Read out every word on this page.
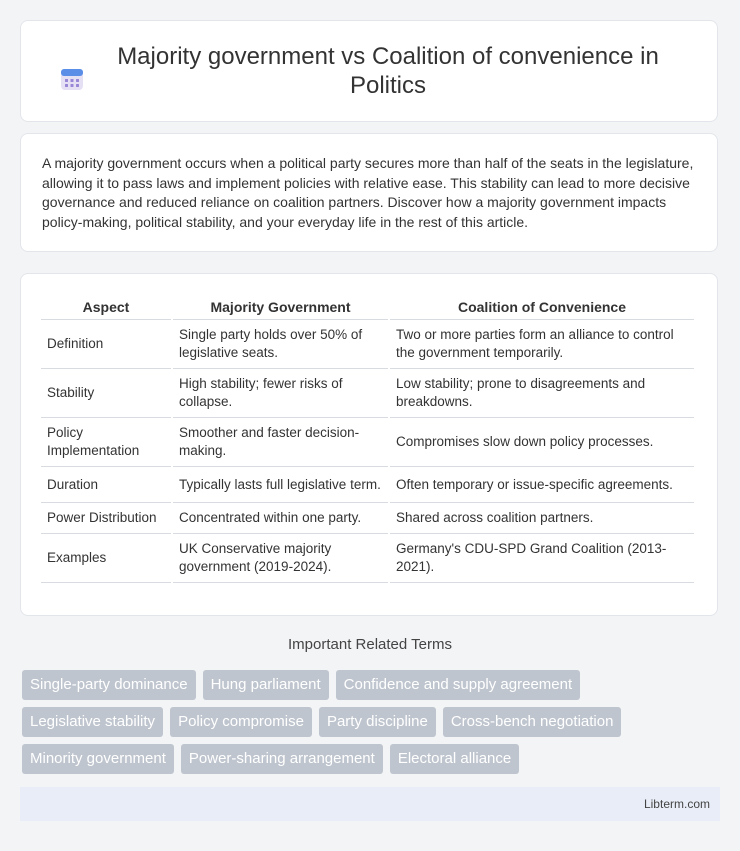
Majority government vs Coalition of convenience in Politics

A majority government occurs when a political party secures more than half of the seats in the legislature, allowing it to pass laws and implement policies with relative ease. This stability can lead to more decisive governance and reduced reliance on coalition partners. Discover how a majority government impacts policy-making, political stability, and your everyday life in the rest of this article.

Aspect	Majority Government	Coalition of Convenience
Definition	Single party holds over 50% of legislative seats.	Two or more parties form an alliance to control the government temporarily.
Stability	High stability; fewer risks of collapse.	Low stability; prone to disagreements and breakdowns.
Policy Implementation	Smoother and faster decision-making.	Compromises slow down policy processes.
Duration	Typically lasts full legislative term.	Often temporary or issue-specific agreements.
Power Distribution	Concentrated within one party.	Shared across coalition partners.
Examples	UK Conservative majority government (2019-2024).	Germany's CDU-SPD Grand Coalition (2013-2021).
Important Related Terms
Single-party dominance	Hung parliament	Confidence and supply agreement
Legislative stability	Policy compromise	Party discipline	Cross-bench negotiation
Minority government	Power-sharing arrangement	Electoral alliance
Libterm.com
